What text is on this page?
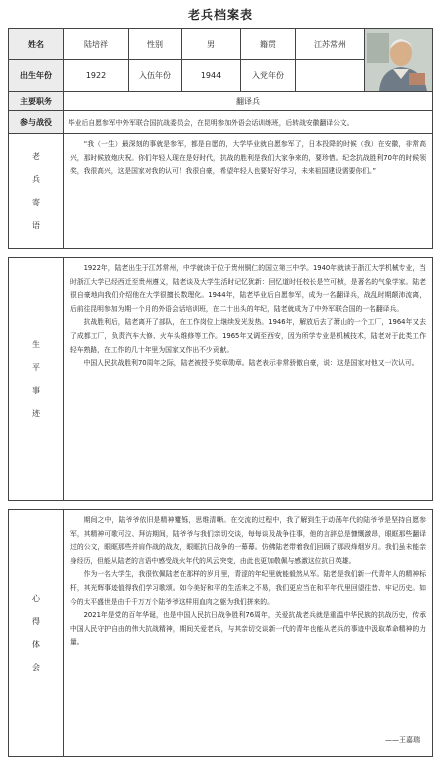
老兵档案表
姓名	陆培祥	性别	男	籍贯	江苏常州
出生年份	1922	入伍年份	1944	入党年份
主要职务	翻译兵
参与战役	毕业后自愿参军中外军联合国抗战委员会，在昆明参加外语会话训练班，后转战安徽翻译公文。
老
兵
寄
语

“我（一生）最深刻的事就是参军，都是自愿的，大学毕业就自愿参军了，日本投降的时候（我）在安徽，非常高兴，那时候放炮庆祝。你们年轻人现在是好时代，抗战的胜利是我们大家争来的，要珍惜。纪念抗战胜利70年的时候领奖，我很高兴，这是国家对我的认可！我很自豪，希望年轻人也要好好学习，未来祖国建设需要你们。”

生
平
事
迹

1922年，陆老出生于江苏常州，中学就读于位于贵州铜仁的国立第三中学。1940年就读于浙江大学机械专业，当时浙江大学已经西迁至贵州遵义，陆老谈及大学生活时记忆犹新：回忆道时任校长是竺可桢，是著名的气象学家。陆老很自豪地向我们介绍他在大学很擅长数理化。1944年，陆老毕业后自愿参军，成为一名翻译兵，战乱时期颠沛流离，后前往昆明参加为期一个月的外语会话培训班，在二十出头的年纪，陆老就成为了中外军联合国的一名翻译兵。

抗战胜利后，陆老离开了部队，在工作岗位上继续发光发热。1946年，解放后去了萧山的一个工厂，1964年又去了成都工厂，负责汽车大修、火车头维修等工作。1965年又调至西安，因为所学专业是机械技术，陆老对于此类工作轻车熟路，在工作的几十年里为国家又作出不少贡献。

中国人民抗战胜利70周年之际，陆老被授予奖章勋章。陆老表示非常骄傲自豪，说：这是国家对他又一次认可。

心
得
体
会

期间之中，陆爷爷依旧是精神矍铄，思维清晰。在交流的过程中，我了解到生于动荡年代的陆爷爷是坚持自愿参军，其精神可歌可泣、拜访期间，陆爷爷与我们亲切交谈，每每谈及战争往事，他的言辞总是慷慨激昂，眼眶那些翻译过的公文，眼眶那些并肩作战的战友，眼眶抗日战争的一幕幕。仿佛陆老带着我们回顾了那段烽烟岁月。我们虽未能亲身经历，但能从陆老的言语中感受战火年代的风云突变，由此也更加敬佩与感激这位抗日英雄。

作为一名大学生，我很钦佩陆老在那样的岁月里，青涩的年纪里就能毅然从军。陆老是我们新一代青年人的精神标杆，其光辉事迹值得我们学习歌颂。如今美好和平的生活来之不易，我们更应当在和平年代里回望往昔、牢记历史。如今的太平盛世是由千千万万个陆爷爷这样用血肉之躯为我们拼来的。

2021年是党的百年华诞，也是中国人民抗日战争胜利76周年，关爱抗战老兵就是重温中华民族的抗战历史，传承中国人民守护自由的伟大抗战精神，期间关爱老兵，与其亲切交谈新一代的青年也能从老兵的事迹中汲取革命精神的力量。

——王嘉瑞
